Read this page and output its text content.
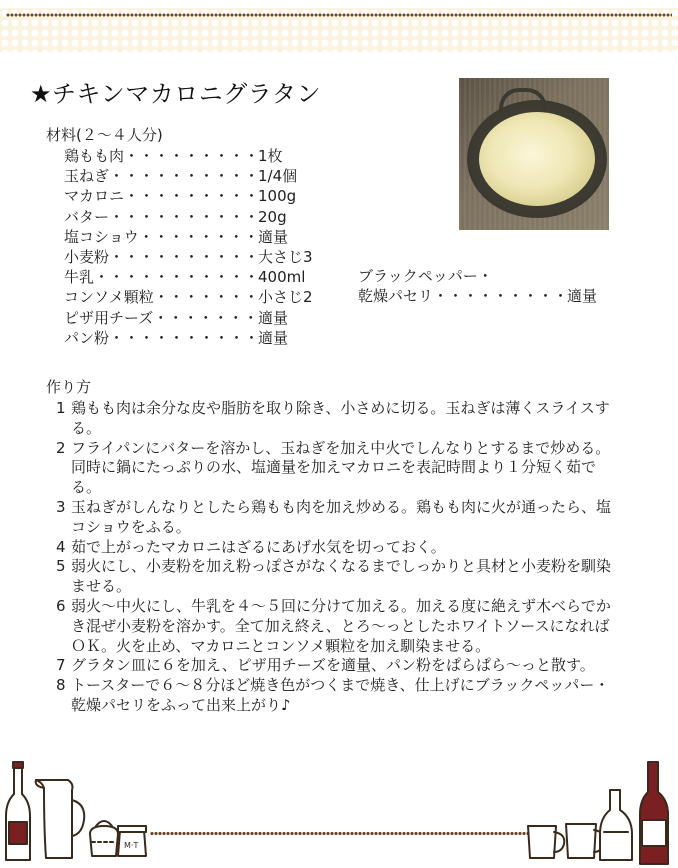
★チキンマカロニグラタン
材料(２～４人分)
鶏もも肉・・・・・・・・・
1枚
玉ねぎ・・・・・・・・・・
1/4個
マカロニ・・・・・・・・・
100g
バター・・・・・・・・・・
20g
塩コショウ・・・・・・・・ 適量
小麦粉・・・・・・・・・・
大さじ3
牛乳・・・・・・・・・・・
400ml
コンソメ顆粒・・・・・・・ 小さじ2
ピザ用チーズ・・・・・・・ 適量
パン粉・・・・・・・・・・
適量
ブラックペッパー・
乾燥パセリ・・・・・・・・・
適量
作り方
1 鶏もも肉は余分な皮や脂肪を取り除き、小さめに切る。玉ねぎは薄くスライスする。
2 フライパンにバターを溶かし、玉ねぎを加え中火でしんなりとするまで炒める。同時に鍋にたっぷりの水、塩適量を加えマカロニを表記時間より１分短く茹でる。
3 玉ねぎがしんなりとしたら鶏もも肉を加え炒める。鶏もも肉に火が通ったら、塩コショウをふる。
4 茹で上がったマカロニはざるにあげ水気を切っておく。
5 弱火にし、小麦粉を加え粉っぽさがなくなるまでしっかりと具材と小麦粉を馴染ませる。
6 弱火～中火にし、牛乳を４～５回に分けて加える。加える度に絶えず木べらでかき混ぜ小麦粉を溶かす。全て加え終え、とろ～っとしたホワイトソースになればＯＫ。火を止め、マカロニとコンソメ顆粒を加え馴染ませる。
7 グラタン皿に６を加え、ピザ用チーズを適量、パン粉をぱらぱら～っと散す。
8 トースターで６～８分ほど焼き色がつくまで焼き、仕上げにブラックペッパー・乾燥パセリをふって出来上がり♪
M·T
